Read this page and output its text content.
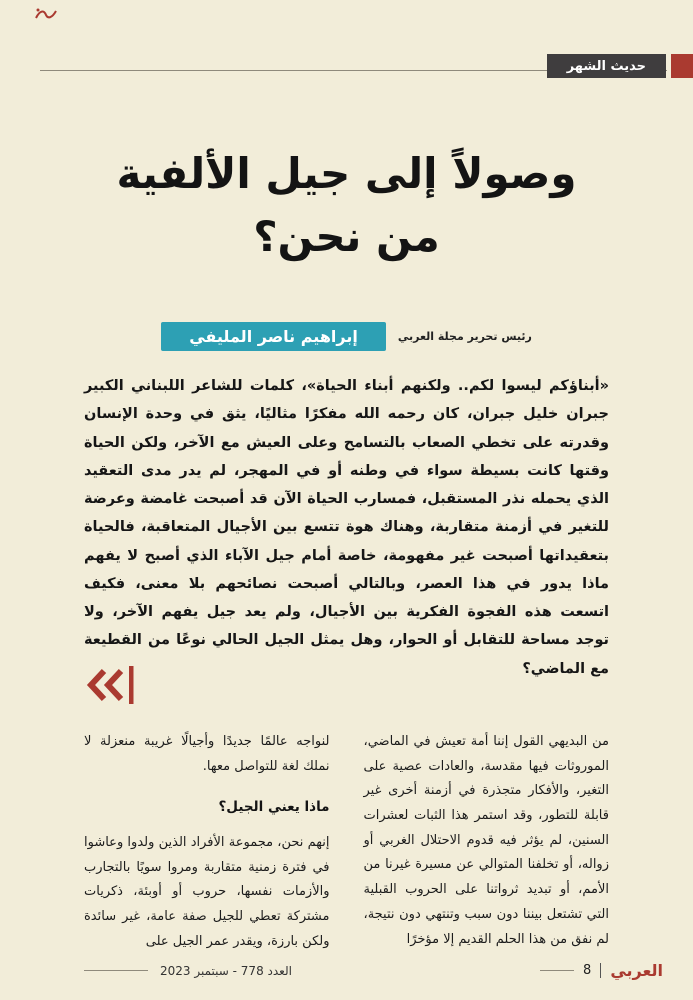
حديث الشهر
وصولاً إلى جيل الألفية
من نحن؟
رئيس تحرير مجلة العربي
إبراهيم ناصر المليفي
«أبناؤكم ليسوا لكم.. ولكنهم أبناء الحياة»، كلمات للشاعر اللبناني الكبير جبران خليل جبران، كان رحمه الله مفكرًا مثاليًا، يثق في وحدة الإنسان وقدرته على تخطي الصعاب بالتسامح وعلى العيش مع الآخر، ولكن الحياة وقتها كانت بسيطة سواء في وطنه أو في المهجر، لم يدر مدى التعقيد الذي يحمله نذر المستقبل، فمسارب الحياة الآن قد أصبحت غامضة وعرضة للتغير في أزمنة متقاربة، وهناك هوة تتسع بين الأجيال المتعاقبة، فالحياة بتعقيداتها أصبحت غير مفهومة، خاصة أمام جيل الآباء الذي أصبح لا يفهم ماذا يدور في هذا العصر، وبالتالي أصبحت نصائحهم بلا معنى، فكيف اتسعت هذه الفجوة الفكرية بين الأجيال، ولم يعد جيل يفهم الآخر، ولا توجد مساحة للتقابل أو الحوار، وهل يمثل الجيل الحالي نوعًا من القطيعة مع الماضي؟

من البديهي القول إننا أمة تعيش في الماضي، الموروثات فيها مقدسة، والعادات عصية على التغير، والأفكار متجذرة في أزمنة أخرى غير قابلة للتطور، وقد استمر هذا الثبات لعشرات السنين، لم يؤثر فيه قدوم الاحتلال الغربي أو زواله، أو تخلفنا المتوالي عن مسيرة غيرنا من الأمم، أو تبديد ثرواتنا على الحروب القبلية التي تشتعل بيننا دون سبب وتنتهي دون نتيجة، لم نفق من هذا الحلم القديم إلا مؤخرًا

لنواجه عالمًا جديدًا وأجيالًا غريبة منعزلة لا نملك لغة للتواصل معها.

ماذا يعني الجيل؟

إنهم نحن، مجموعة الأفراد الذين ولدوا وعاشوا في فترة زمنية متقاربة ومروا سويًا بالتجارب والأزمات نفسها، حروب أو أوبئة، ذكريات مشتركة تعطي للجيل صفة عامة، غير سائدة ولكن بارزة، ويقدر عمر الجيل على

العدد 778 - سبتمبر 2023	8 العربي
